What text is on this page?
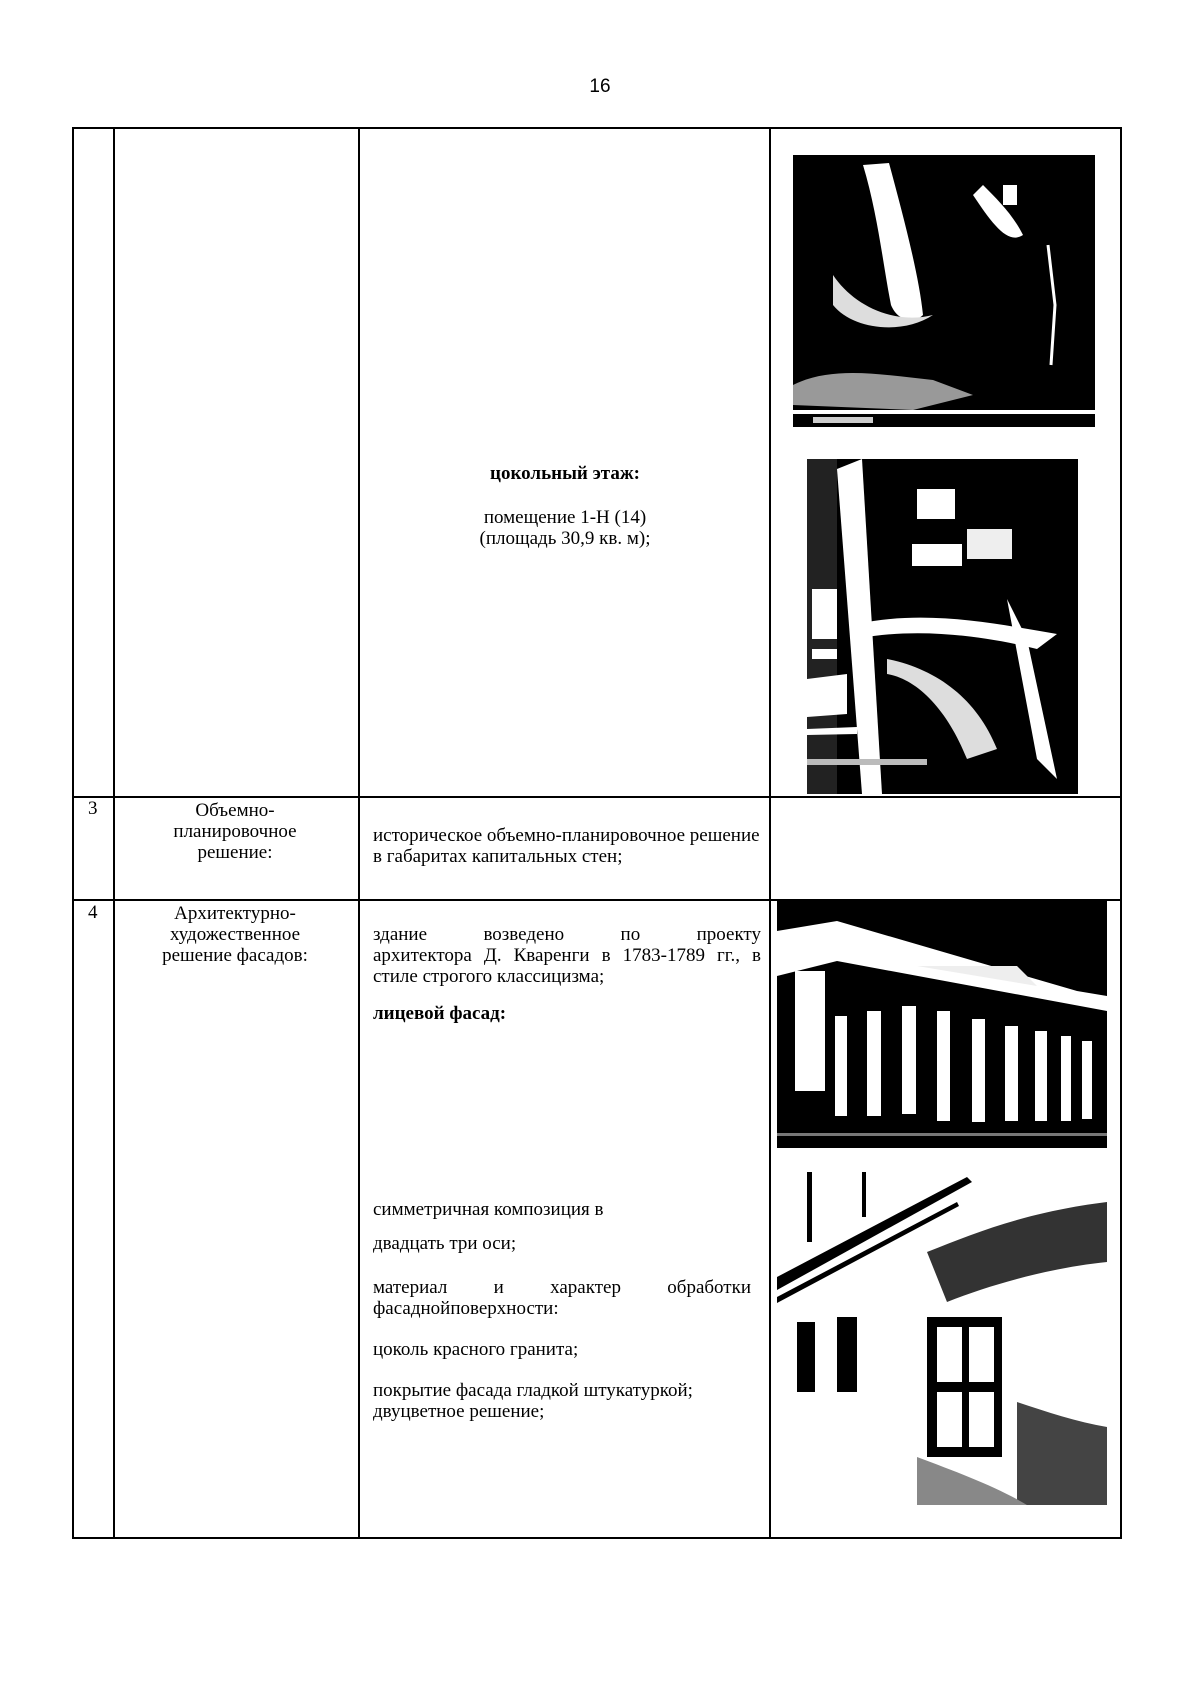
16
цокольный этаж:
помещение 1-Н (14)
(площадь 30,9 кв. м);
3	Объемно-планировочное решение:
историческое объемно-планировочное решение в габаритах капитальных стен;
4	Архитектурно-художественное решение фасадов:
здание возведено по проекту
архитектора Д. Кваренги в 1783-1789 гг., в стиле строгого классицизма;
лицевой фасад:
симметричная композиция в
двадцать три оси;
материал и характер обработки
фасаднойповерхности:
цоколь красного гранита;
покрытие фасада гладкой штукатуркой; двуцветное решение;
